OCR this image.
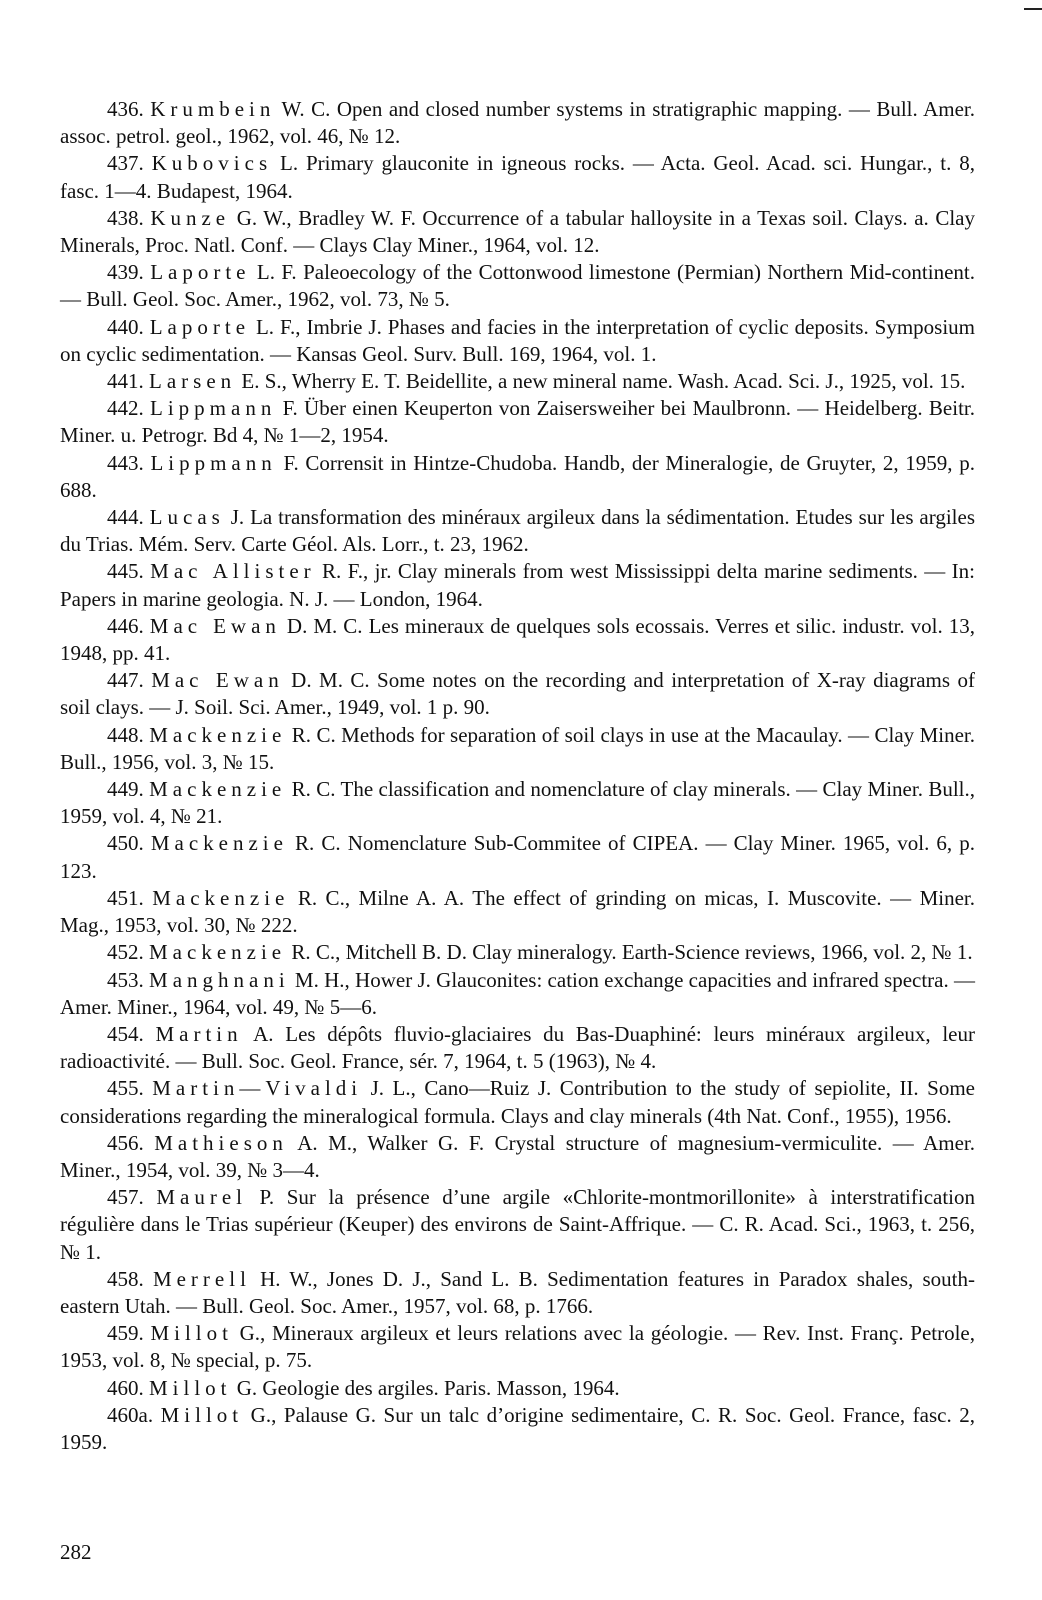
436. Krumbein W. C. Open and closed number systems in stratigraphic mapping. — Bull. Amer. assoc. petrol. geol., 1962, vol. 46, № 12.

437. Kubovics L. Primary glauconite in igneous rocks. — Acta. Geol. Acad. sci. Hungar., t. 8, fasc. 1—4. Budapest, 1964.

438. Kunze G. W., Bradley W. F. Occurrence of a tabular halloysite in a Texas soil. Clays. a. Clay Minerals, Proc. Natl. Conf. — Clays Clay Miner., 1964, vol. 12.

439. Laporte L. F. Paleoecology of the Cottonwood limestone (Permian) Northern Mid-continent. — Bull. Geol. Soc. Amer., 1962, vol. 73, № 5.

440. Laporte L. F., Imbrie J. Phases and facies in the interpretation of cyclic deposits. Symposium on cyclic sedimentation. — Kansas Geol. Surv. Bull. 169, 1964, vol. 1.

441. Larsen E. S., Wherry E. T. Beidellite, a new mineral name. Wash. Acad. Sci. J., 1925, vol. 15.

442. Lippmann F. Über einen Keuperton von Zaisersweiher bei Maulbronn. — Heidelberg. Beitr. Miner. u. Petrogr. Bd 4, № 1—2, 1954.

443. Lippmann F. Corrensit in Hintze-Chudoba. Handb, der Mineralogie, de Gruyter, 2, 1959, p. 688.

444. Lucas J. La transformation des minéraux argileux dans la sédimentation. Etudes sur les argiles du Trias. Mém. Serv. Carte Géol. Als. Lorr., t. 23, 1962.

445. Mac Allister R. F., jr. Clay minerals from west Mississippi delta marine sediments. — In: Papers in marine geologia. N. J. — London, 1964.

446. Mac Ewan D. M. C. Les mineraux de quelques sols ecossais. Verres et silic. industr. vol. 13, 1948, pp. 41.

447. Mac Ewan D. M. C. Some notes on the recording and interpretation of X-ray diagrams of soil clays. — J. Soil. Sci. Amer., 1949, vol. 1 p. 90.

448. Mackenzie R. C. Methods for separation of soil clays in use at the Macaulay. — Clay Miner. Bull., 1956, vol. 3, № 15.

449. Mackenzie R. C. The classification and nomenclature of clay minerals. — Clay Miner. Bull., 1959, vol. 4, № 21.

450. Mackenzie R. C. Nomenclature Sub-Commitee of CIPEA. — Clay Miner. 1965, vol. 6, p. 123.

451. Mackenzie R. C., Milne A. A. The effect of grinding on micas, I. Muscovite. — Miner. Mag., 1953, vol. 30, № 222.

452. Mackenzie R. C., Mitchell B. D. Clay mineralogy. Earth-Science reviews, 1966, vol. 2, № 1.

453. Manghnani M. H., Hower J. Glauconites: cation exchange capacities and infrared spectra. — Amer. Miner., 1964, vol. 49, № 5—6.

454. Martin A. Les dépôts fluvio-glaciaires du Bas-Duaphiné: leurs minéraux argileux, leur radioactivité. — Bull. Soc. Geol. France, sér. 7, 1964, t. 5 (1963), № 4.

455. Martin—Vivaldi J. L., Cano—Ruiz J. Contribution to the study of sepiolite, II. Some considerations regarding the mineralogical formula. Clays and clay minerals (4th Nat. Conf., 1955), 1956.

456. Mathieson A. M., Walker G. F. Crystal structure of magnesium-vermiculite. — Amer. Miner., 1954, vol. 39, № 3—4.

457. Maurel P. Sur la présence d’une argile «Chlorite-montmorillonite» à interstratification régulière dans le Trias supérieur (Keuper) des environs de Saint-Affrique. — C. R. Acad. Sci., 1963, t. 256, № 1.

458. Merrell H. W., Jones D. J., Sand L. B. Sedimentation features in Paradox shales, south-eastern Utah. — Bull. Geol. Soc. Amer., 1957, vol. 68, p. 1766.

459. Millot G., Mineraux argileux et leurs relations avec la géologie. — Rev. Inst. Franç. Petrole, 1953, vol. 8, № special, p. 75.

460. Millot G. Geologie des argiles. Paris. Masson, 1964.

460a. Millot G., Palause G. Sur un talc d’origine sedimentaire, C. R. Soc. Geol. France, fasc. 2, 1959.

282
